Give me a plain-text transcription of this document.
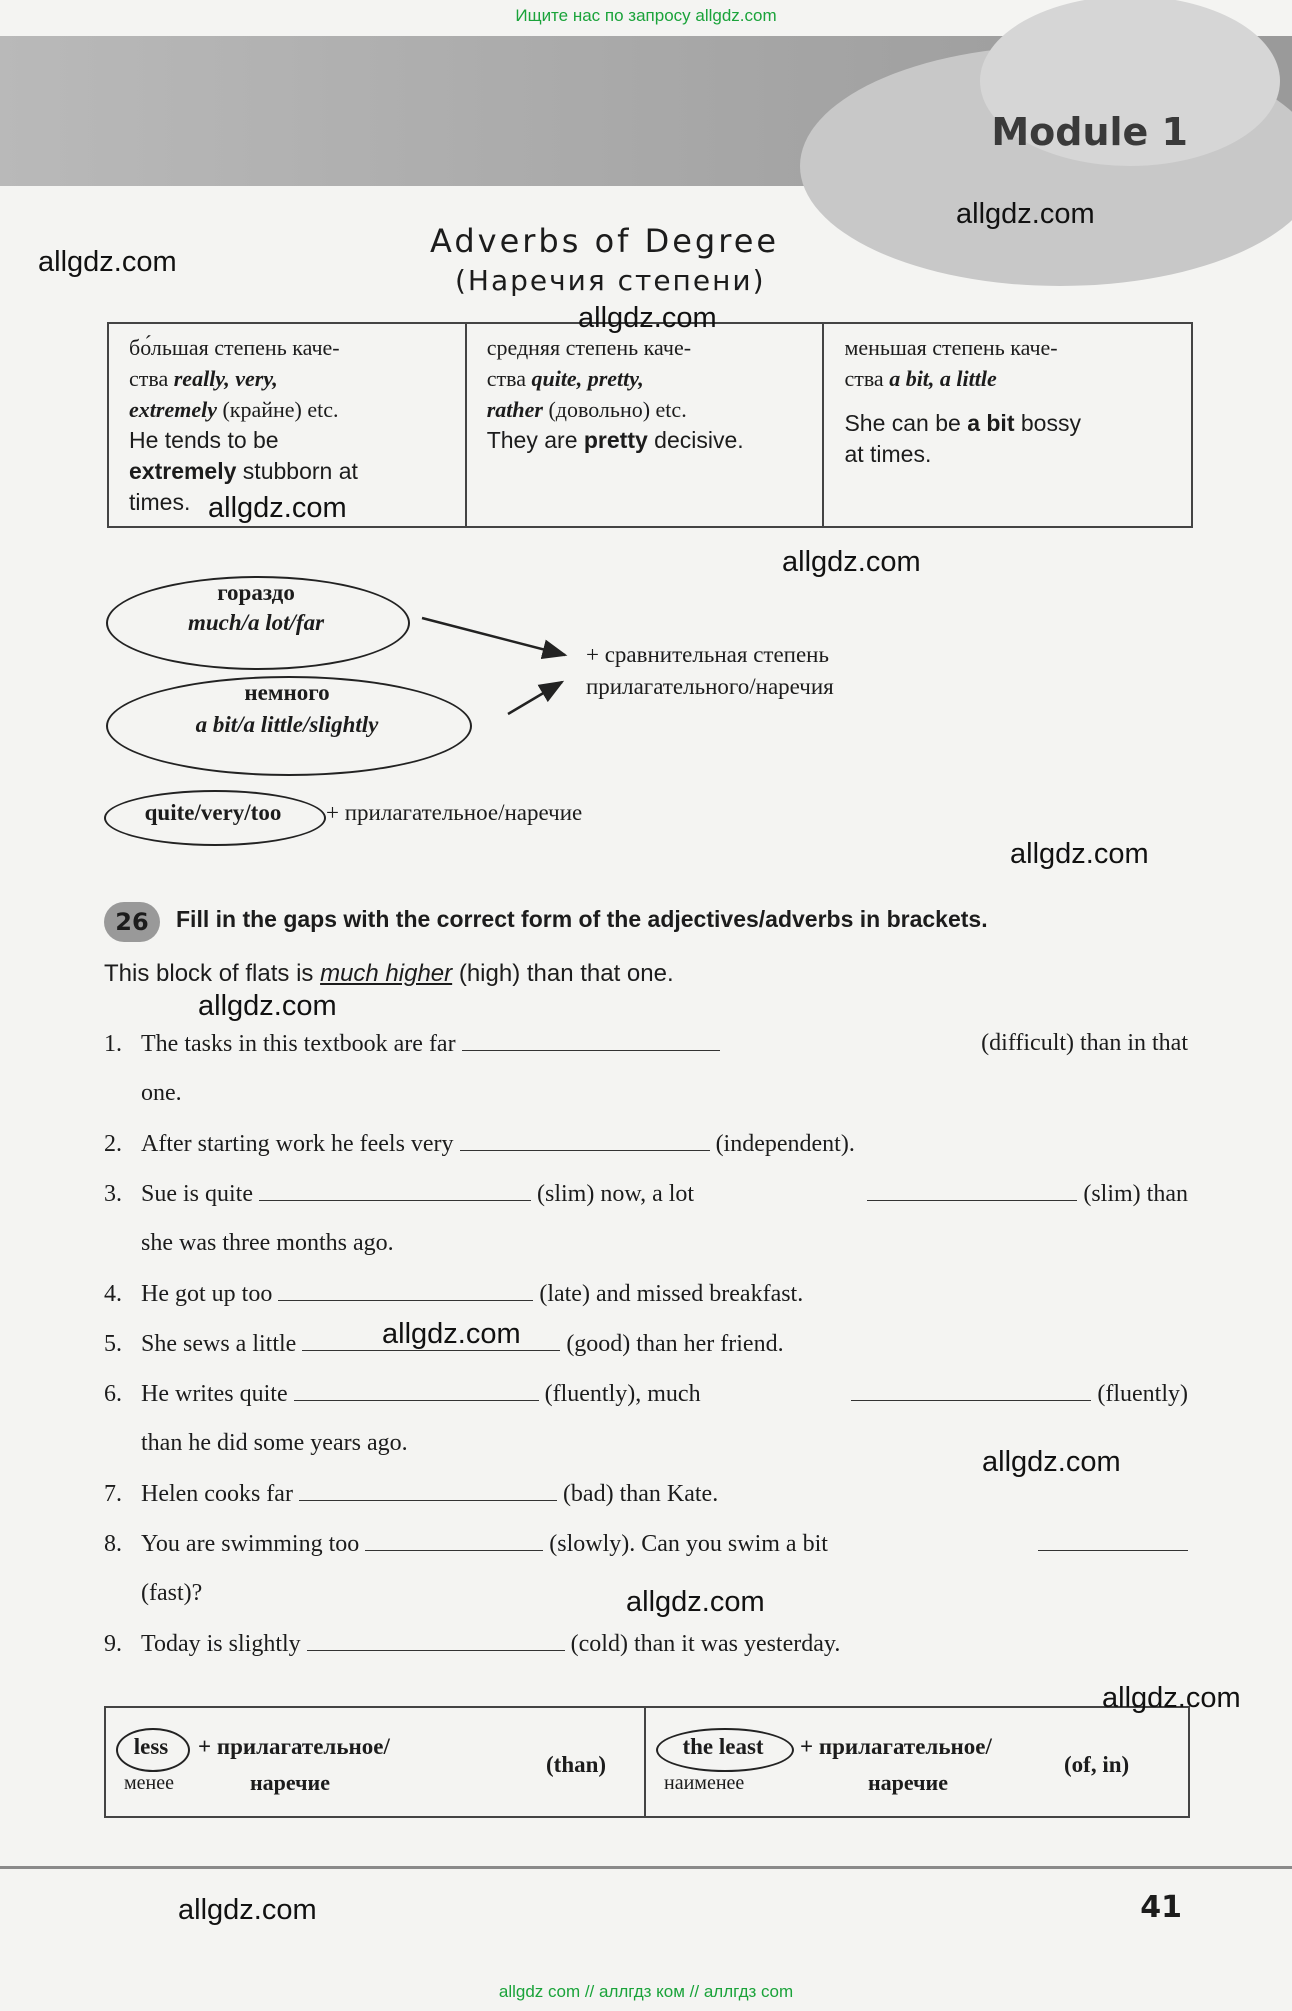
Ищите нас по запросу allgdz.com
Module 1
Adverbs of Degree
(Наречия степени)
бо́льшая степень каче-
ства really, very,
extremely (крайне) etc.
He tends to be
extremely stubborn at
times.

средняя степень каче-
ства quite, pretty,
rather (довольно) etc.
They are pretty decisive.

меньшая степень каче-
ства a bit, a little
She can be a bit bossy
at times.
гораздо
much/a lot/far
немного
a bit/a little/slightly
+ сравнительная степень
прилагательного/наречия
quite/very/too	+ прилагательное/наречие
26	Fill in the gaps with the correct form of the adjectives/adverbs in brackets.
This block of flats is much higher (high) than that one.
1. The tasks in this textbook are far	(difficult) than in that
one.
2. After starting work he feels very	(independent).
3. Sue is quite	(slim) now, a lot	(slim) than
she was three months ago.
4. He got up too	(late) and missed breakfast.
5. She sews a little	(good) than her friend.
6. He writes quite	(fluently), much	(fluently)
than he did some years ago.
7. Helen cooks far	(bad) than Kate.
8. You are swimming too	(slowly). Can you swim a bit
(fast)?
9. Today is slightly	(cold) than it was yesterday.
less	+ прилагательное/
менее	наречие
(than)
the least	+ прилагательное/
наименее	наречие
(of, in)
41
allgdz.com
allgdz.com
allgdz.com
allgdz.com
allgdz.com
allgdz.com
allgdz.com
allgdz.com
allgdz.com
allgdz.com
allgdz.com
allgdz.com
allgdz com // аллгдз ком // аллгдз com
